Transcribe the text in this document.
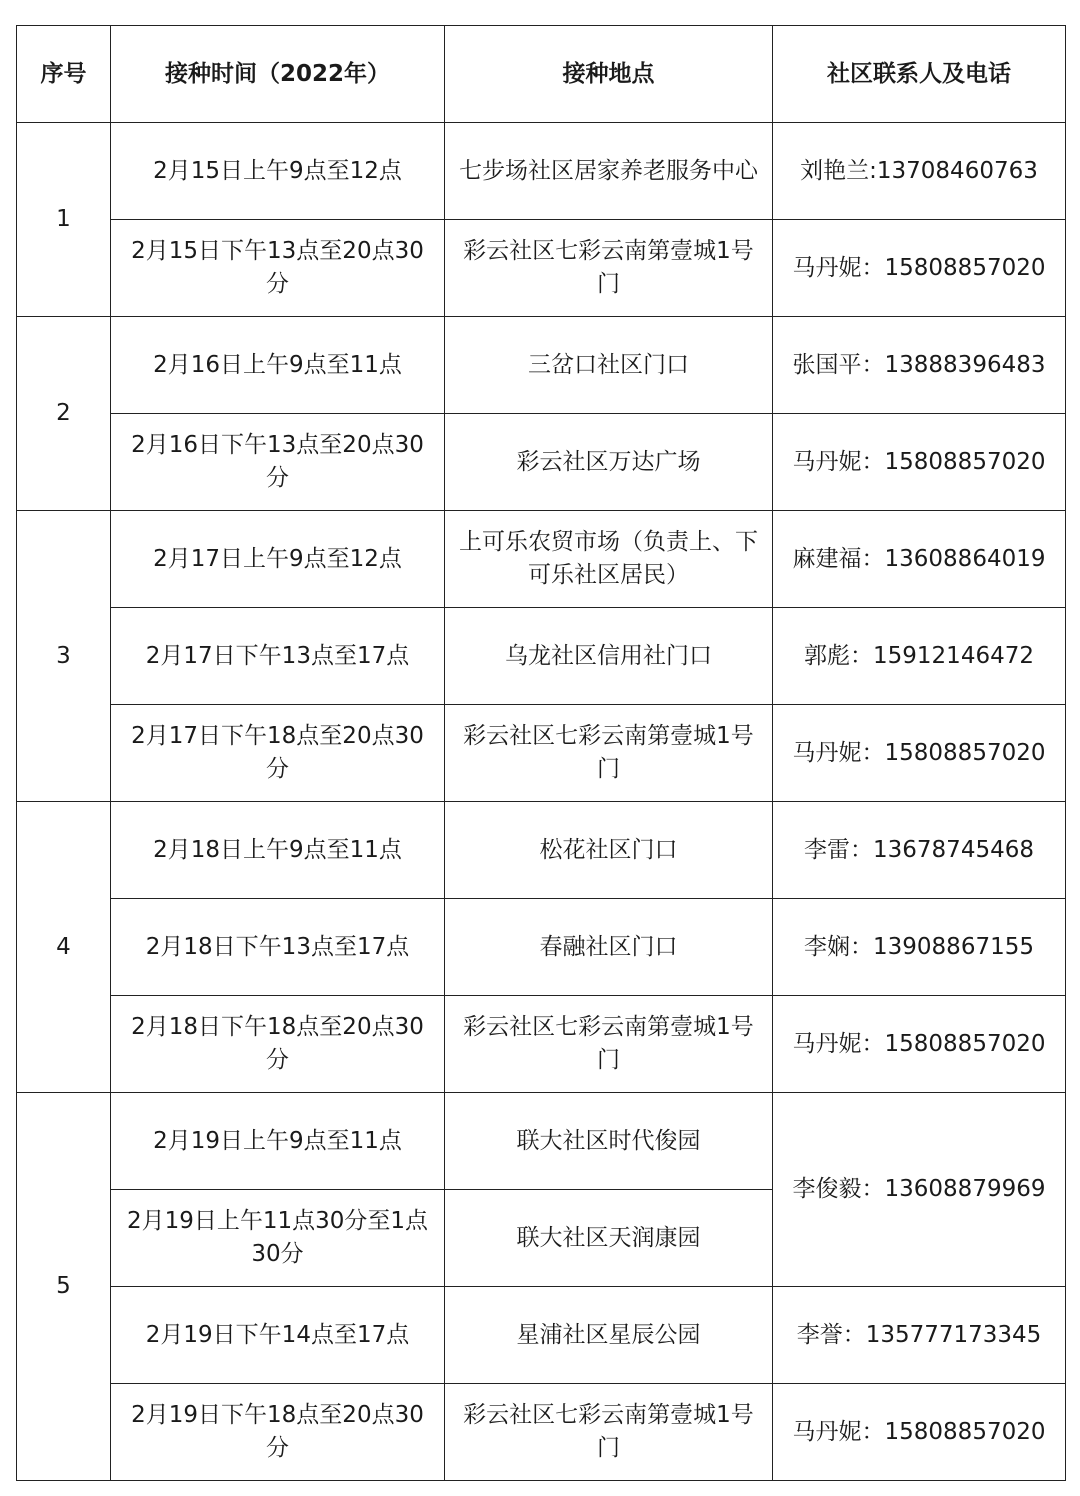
序号	接种时间（2022年）	接种地点	社区联系人及电话
1	2月15日上午9点至12点	七步场社区居家养老服务中心	刘艳兰:13708460763
	2月15日下午13点至20点30分	彩云社区七彩云南第壹城1号门	马丹妮：15808857020
2	2月16日上午9点至11点	三岔口社区门口	张国平：13888396483
	2月16日下午13点至20点30分	彩云社区万达广场	马丹妮：15808857020
3	2月17日上午9点至12点	上可乐农贸市场（负责上、下可乐社区居民）	麻建福：13608864019
	2月17日下午13点至17点	乌龙社区信用社门口	郭彪：15912146472
	2月17日下午18点至20点30分	彩云社区七彩云南第壹城1号门	马丹妮：15808857020
4	2月18日上午9点至11点	松花社区门口	李雷：13678745468
	2月18日下午13点至17点	春融社区门口	李娴：13908867155
	2月18日下午18点至20点30分	彩云社区七彩云南第壹城1号门	马丹妮：15808857020
5	2月19日上午9点至11点	联大社区时代俊园	李俊毅：13608879969
	2月19日上午11点30分至1点30分	联大社区天润康园	
	2月19日下午14点至17点	星浦社区星辰公园	李誉：135777173345
	2月19日下午18点至20点30分	彩云社区七彩云南第壹城1号门	马丹妮：15808857020
